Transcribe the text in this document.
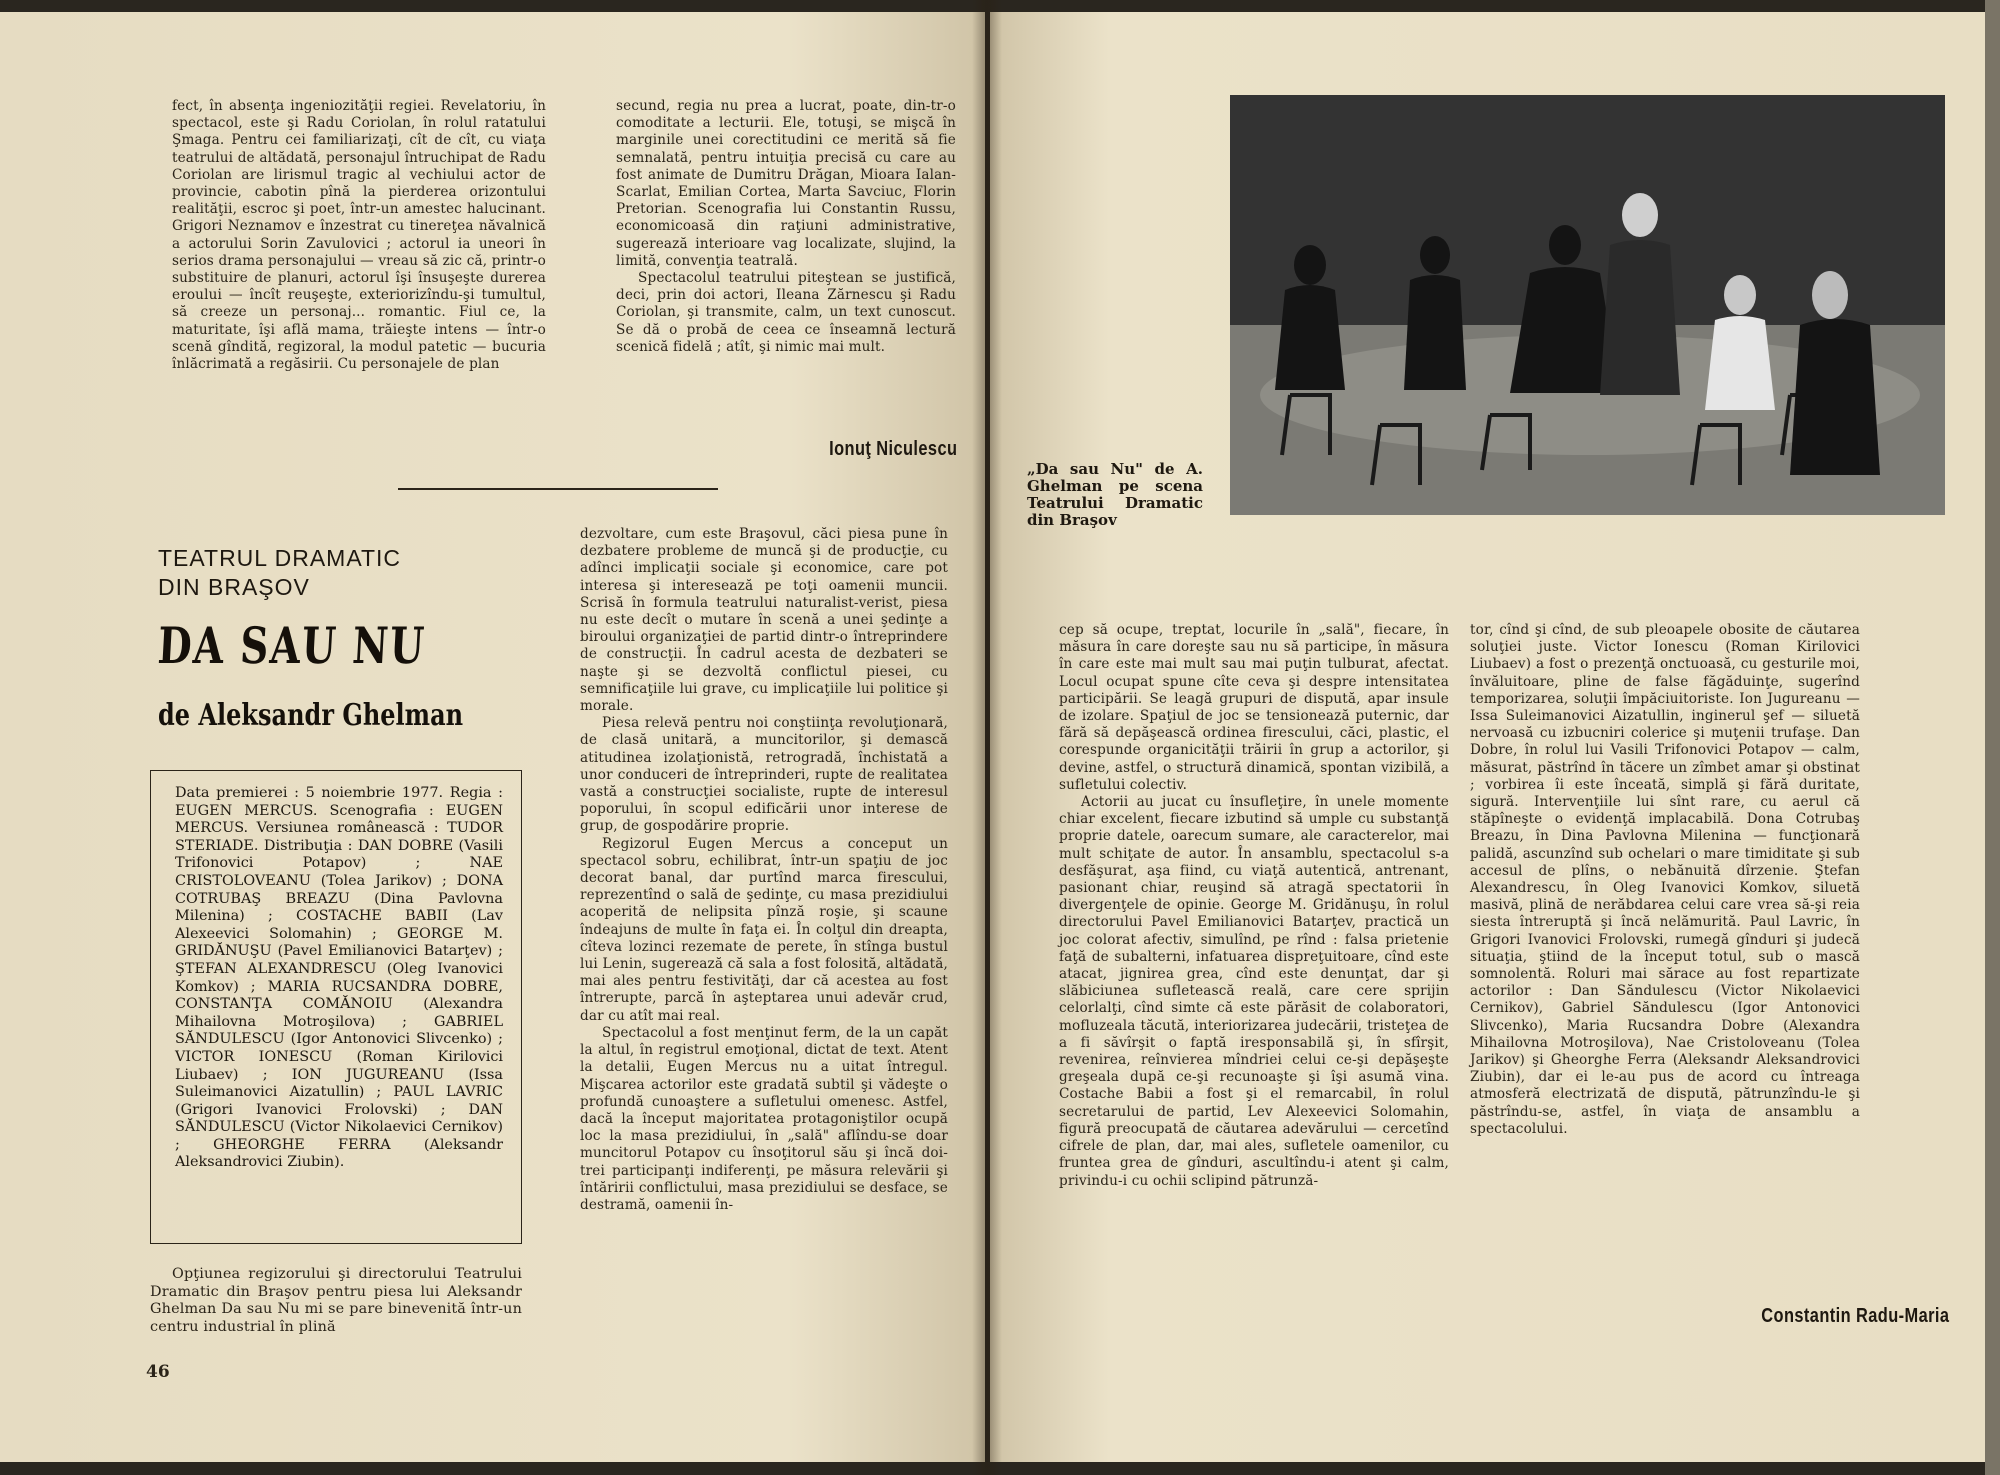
fect, în absenţa ingeniozităţii regiei. Revelatoriu, în spectacol, este şi Radu Coriolan, în rolul ratatului Şmaga. Pentru cei familiarizaţi, cît de cît, cu viaţa teatrului de altădată, personajul întruchipat de Radu Coriolan are lirismul tragic al vechiului actor de provincie, cabotin pînă la pierderea orizontului realităţii, escroc şi poet, într-un amestec halucinant. Grigori Neznamov e înzestrat cu tinereţea năvalnică a actorului Sorin Zavulovici ; actorul ia uneori în serios drama personajului — vreau să zic că, printr-o substituire de planuri, actorul îşi însuşeşte durerea eroului — încît reuşeşte, exteriorizîndu-şi tumultul, să creeze un personaj... romantic. Fiul ce, la maturitate, îşi află mama, trăieşte intens — într-o scenă gîndită, regizoral, la modul patetic — bucuria înlăcrimată a regăsirii. Cu personajele de plan

secund, regia nu prea a lucrat, poate, din-tr-o comoditate a lecturii. Ele, totuşi, se mişcă în marginile unei corectitudini ce merită să fie semnalată, pentru intuiţia precisă cu care au fost animate de Dumitru Drăgan, Mioara Ialan-Scarlat, Emilian Cortea, Marta Savciuc, Florin Pretorian. Scenografia lui Constantin Russu, economicoasă din raţiuni administrative, sugerează interioare vag localizate, slujind, la limită, convenţia teatrală.

Spectacolul teatrului piteştean se justifică, deci, prin doi actori, Ileana Zărnescu şi Radu Coriolan, şi transmite, calm, un text cunoscut. Se dă o probă de ceea ce înseamnă lectură scenică fidelă ; atît, şi nimic mai mult.

Ionuţ Niculescu
TEATRUL DRAMATIC
DIN BRAŞOV
DA SAU NU
de Aleksandr Ghelman
Data premierei : 5 noiembrie 1977. Regia : EUGEN MERCUS. Scenografia : EUGEN MERCUS. Versiunea românească : TUDOR STERIADE. Distribuţia : DAN DOBRE (Vasili Trifonovici Potapov) ; NAE CRISTOLOVEANU (Tolea Jarikov) ; DONA COTRUBAŞ BREAZU (Dina Pavlovna Milenina) ; COSTACHE BABII (Lav Alexeevici Solomahin) ; GEORGE M. GRIDĂNUŞU (Pavel Emilianovici Batarţev) ; ŞTEFAN ALEXANDRESCU (Oleg Ivanovici Komkov) ; MARIA RUCSANDRA DOBRE, CONSTANŢA COMĂNOIU (Alexandra Mihailovna Motroşilova) ; GABRIEL SĂNDULESCU (Igor Antonovici Slivcenko) ; VICTOR IONESCU (Roman Kirilovici Liubaev) ; ION JUGUREANU (Issa Suleimanovici Aizatullin) ; PAUL LAVRIC (Grigori Ivanovici Frolovski) ; DAN SĂNDULESCU (Victor Nikolaevici Cernikov) ; GHEORGHE FERRA (Aleksandr Aleksandrovici Ziubin).

Opţiunea regizorului şi directorului Teatrului Dramatic din Braşov pentru piesa lui Aleksandr Ghelman Da sau Nu mi se pare binevenită într-un centru industrial în plină

dezvoltare, cum este Braşovul, căci piesa pune în dezbatere probleme de muncă şi de producţie, cu adînci implicaţii sociale şi economice, care pot interesa şi interesează pe toţi oamenii muncii. Scrisă în formula teatrului naturalist-verist, piesa nu este decît o mutare în scenă a unei şedinţe a biroului organizaţiei de partid dintr-o întreprindere de construcţii. În cadrul acesta de dezbateri se naşte şi se dezvoltă conflictul piesei, cu semnificaţiile lui grave, cu implicaţiile lui politice şi morale.

Piesa relevă pentru noi conştiinţa revoluţionară, de clasă unitară, a muncitorilor, şi demască atitudinea izolaţionistă, retrogradă, închistată a unor conduceri de întreprinderi, rupte de realitatea vastă a construcţiei socialiste, rupte de interesul poporului, în scopul edificării unor interese de grup, de gospodărire proprie.

Regizorul Eugen Mercus a conceput un spectacol sobru, echilibrat, într-un spaţiu de joc decorat banal, dar purtînd marca firescului, reprezentînd o sală de şedinţe, cu masa prezidiului acoperită de nelipsita pînză roşie, şi scaune îndeajuns de multe în faţa ei. În colţul din dreapta, cîteva lozinci rezemate de perete, în stînga bustul lui Lenin, sugerează că sala a fost folosită, altădată, mai ales pentru festivităţi, dar că acestea au fost întrerupte, parcă în aşteptarea unui adevăr crud, dar cu atît mai real.

Spectacolul a fost menţinut ferm, de la un capăt la altul, în registrul emoţional, dictat de text. Atent la detalii, Eugen Mercus nu a uitat întregul. Mişcarea actorilor este gradată subtil şi vădeşte o profundă cunoaştere a sufletului omenesc. Astfel, dacă la început majoritatea protagoniştilor ocupă loc la masa prezidiului, în „sală" aflîndu-se doar muncitorul Potapov cu însoţitorul său şi încă doi-trei participanţi indiferenţi, pe măsura relevării şi întăririi conflictului, masa prezidiului se desface, se destramă, oamenii în-

46
„Da sau Nu" de A. Ghelman pe scena Teatrului Dramatic din Braşov

cep să ocupe, treptat, locurile în „sală", fiecare, în măsura în care doreşte sau nu să participe, în măsura în care este mai mult sau mai puţin tulburat, afectat. Locul ocupat spune cîte ceva şi despre intensitatea participării. Se leagă grupuri de dispută, apar insule de izolare. Spaţiul de joc se tensionează puternic, dar fără să depăşească ordinea firescului, căci, plastic, el corespunde organicităţii trăirii în grup a actorilor, şi devine, astfel, o structură dinamică, spontan vizibilă, a sufletului colectiv.

Actorii au jucat cu însufleţire, în unele momente chiar excelent, fiecare izbutind să umple cu substanţă proprie datele, oarecum sumare, ale caracterelor, mai mult schiţate de autor. În ansamblu, spectacolul s-a desfăşurat, aşa fiind, cu viaţă autentică, antrenant, pasionant chiar, reuşind să atragă spectatorii în divergenţele de opinie. George M. Gridănuşu, în rolul directorului Pavel Emilianovici Batarţev, practică un joc colorat afectiv, simulînd, pe rînd : falsa prietenie faţă de subalterni, infatuarea dispreţuitoare, cînd este atacat, jignirea grea, cînd este denunţat, dar şi slăbiciunea sufletească reală, care cere sprijin celorlalţi, cînd simte că este părăsit de colaboratori, mofluzeala tăcută, interiorizarea judecării, tristeţea de a fi săvîrşit o faptă iresponsabilă şi, în sfîrşit, revenirea, reînvierea mîndriei celui ce-şi depăşeşte greşeala după ce-şi recunoaşte şi îşi asumă vina. Costache Babii a fost şi el remarcabil, în rolul secretarului de partid, Lev Alexeevici Solomahin, figură preocupată de căutarea adevărului — cercetînd cifrele de plan, dar, mai ales, sufletele oamenilor, cu fruntea grea de gînduri, ascultîndu-i atent şi calm, privindu-i cu ochii sclipind pătrunză-

tor, cînd şi cînd, de sub pleoapele obosite de căutarea soluţiei juste. Victor Ionescu (Roman Kirilovici Liubaev) a fost o prezenţă onctuoasă, cu gesturile moi, învăluitoare, pline de false făgăduinţe, sugerînd temporizarea, soluţii împăciuitoriste. Ion Jugureanu — Issa Suleimanovici Aizatullin, inginerul şef — siluetă nervoasă cu izbucniri colerice şi muţenii trufaşe. Dan Dobre, în rolul lui Vasili Trifonovici Potapov — calm, măsurat, păstrînd în tăcere un zîmbet amar şi obstinat ; vorbirea îi este înceată, simplă şi fără duritate, sigură. Intervenţiile lui sînt rare, cu aerul că stăpîneşte o evidenţă implacabilă. Dona Cotrubaş Breazu, în Dina Pavlovna Milenina — funcţionară palidă, ascunzînd sub ochelari o mare timiditate şi sub accesul de plîns, o nebănuită dîrzenie. Ştefan Alexandrescu, în Oleg Ivanovici Komkov, siluetă masivă, plină de nerăbdarea celui care vrea să-şi reia siesta întreruptă şi încă nelămurită. Paul Lavric, în Grigori Ivanovici Frolovski, rumegă gînduri şi judecă situaţia, ştiind de la început totul, sub o mască somnolentă. Roluri mai sărace au fost repartizate actorilor : Dan Săndulescu (Victor Nikolaevici Cernikov), Gabriel Săndulescu (Igor Antonovici Slivcenko), Maria Rucsandra Dobre (Alexandra Mihailovna Motroşilova), Nae Cristoloveanu (Tolea Jarikov) şi Gheorghe Ferra (Aleksandr Aleksandrovici Ziubin), dar ei le-au pus de acord cu întreaga atmosferă electrizată de dispută, pătrunzîndu-le şi păstrîndu-se, astfel, în viaţa de ansamblu a spectacolului.

Constantin Radu-Maria
